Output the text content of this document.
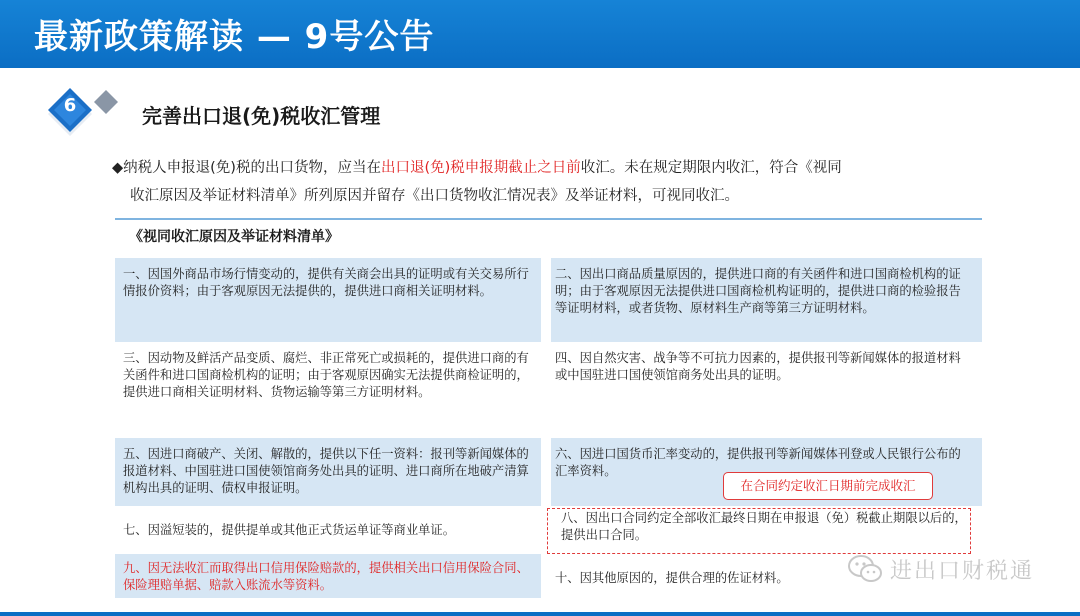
最新政策解读 — 9号公告
6	完善出口退(免)税收汇管理
◆纳税人申报退(免)税的出口货物，应当在出口退(免)税申报期截止之日前收汇。未在规定期限内收汇，符合《视同
收汇原因及举证材料清单》所列原因并留存《出口货物收汇情况表》及举证材料，可视同收汇。
《视同收汇原因及举证材料清单》
一、因国外商品市场行情变动的，提供有关商会出具的证明或有关交易所行情报价资料；由于客观原因无法提供的，提供进口商相关证明材料。
二、因出口商品质量原因的，提供进口商的有关函件和进口国商检机构的证明；由于客观原因无法提供进口国商检机构证明的，提供进口商的检验报告等证明材料，或者货物、原材料生产商等第三方证明材料。
三、因动物及鲜活产品变质、腐烂、非正常死亡或损耗的，提供进口商的有关函件和进口国商检机构的证明；由于客观原因确实无法提供商检证明的，提供进口商相关证明材料、货物运输等第三方证明材料。
四、因自然灾害、战争等不可抗力因素的，提供报刊等新闻媒体的报道材料或中国驻进口国使领馆商务处出具的证明。
五、因进口商破产、关闭、解散的，提供以下任一资料：报刊等新闻媒体的报道材料、中国驻进口国使领馆商务处出具的证明、进口商所在地破产清算机构出具的证明、债权申报证明。
六、因进口国货币汇率变动的，提供报刊等新闻媒体刊登或人民银行公布的汇率资料。
七、因溢短装的，提供提单或其他正式货运单证等商业单证。
八、因出口合同约定全部收汇最终日期在申报退（免）税截止期限以后的，提供出口合同。
九、因无法收汇而取得出口信用保险赔款的，提供相关出口信用保险合同、保险理赔单据、赔款入账流水等资料。	十、因其他原因的，提供合理的佐证材料。
在合同约定收汇日期前完成收汇
进出口财税通
